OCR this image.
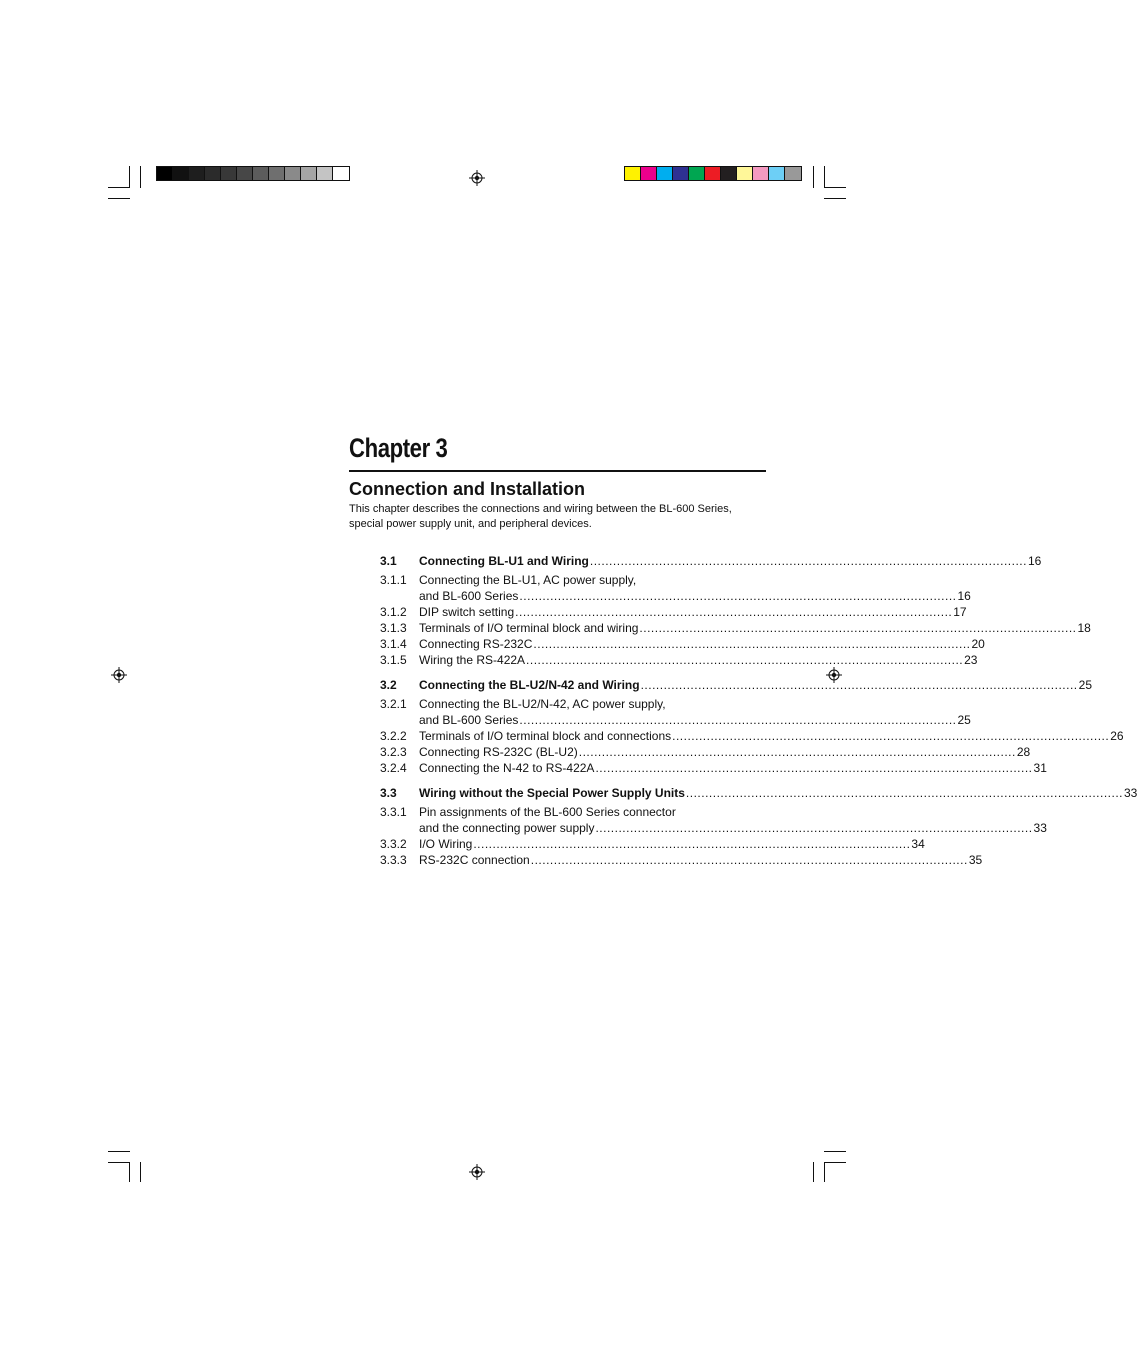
Chapter 3
Connection and Installation
This chapter describes the connections and wiring between the BL-600 Series,
special power supply unit, and peripheral devices.
3.1 Connecting BL-U1 and Wiring .................................................................................................................. 16
3.1.1 Connecting the BL-U1, AC power supply,
and BL-600 Series .................................................................................................................. 16
3.1.2 DIP switch setting .................................................................................................................. 17
3.1.3 Terminals of I/O terminal block and wiring .................................................................................................................. 18
3.1.4 Connecting RS-232C .................................................................................................................. 20
3.1.5 Wiring the RS-422A .................................................................................................................. 23
3.2 Connecting the BL-U2/N-42 and Wiring .................................................................................................................. 25
3.2.1 Connecting the BL-U2/N-42, AC power supply,
and BL-600 Series .................................................................................................................. 25
3.2.2 Terminals of I/O terminal block and connections .................................................................................................................. 26
3.2.3 Connecting RS-232C (BL-U2) .................................................................................................................. 28
3.2.4 Connecting the N-42 to RS-422A .................................................................................................................. 31
3.3 Wiring without the Special Power Supply Units .................................................................................................................. 33
3.3.1 Pin assignments of the BL-600 Series connector
and the connecting power supply .................................................................................................................. 33
3.3.2 I/O Wiring .................................................................................................................. 34
3.3.3 RS-232C connection .................................................................................................................. 35
